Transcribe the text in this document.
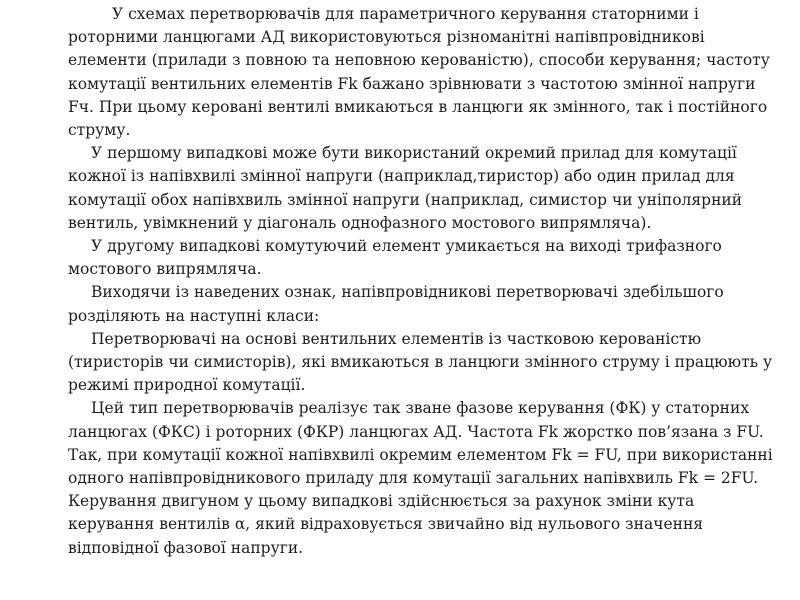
У схемах перетворювачів для параметричного керування статорними і роторними ланцюгами АД використовуються різноманітні напівпровідникові елементи (прилади з повною та неповною керованістю), способи керування; частоту комутації вентильних елементів Fk бажано зрівнювати з частотою змінної напруги Fч. При цьому керовані вентилі вмикаються в ланцюги як змінного, так і постійного струму.

У першому випадкові може бути використаний окремий прилад для комутації кожної із напівхвилі змінної напруги (наприклад,тиристор) або один прилад для комутації обох напівхвиль змінної напруги (наприклад, симистор чи уніполярний вентиль, увімкнений у діагональ однофазного мостового випрямляча).

У другому випадкові комутуючий елемент умикається на виході трифазного мостового випрямляча.

Виходячи із наведених ознак, напівпровідникові перетворювачі здебільшого розділяють на наступні класи:

Перетворювачі на основі вентильних елементів із частковою керованістю (тиристорів чи симисторів), які вмикаються в ланцюги змінного струму і працюють у режимі природної комутації.

Цей тип перетворювачів реалізує так зване фазове керування (ФК) у статорних ланцюгах (ФКС) і роторних (ФКР) ланцюгах АД. Частота Fk жорстко пов’язана з FU. Так, при комутації кожної напівхвилі окремим елементом Fk = FU, при використанні одного напівпровідникового приладу для комутації загальних напівхвиль Fk = 2FU. Керування двигуном у цьому випадкові здійснюється за рахунок зміни кута керування вентилів α, який відраховується звичайно від нульового значення відповідної фазової напруги.
